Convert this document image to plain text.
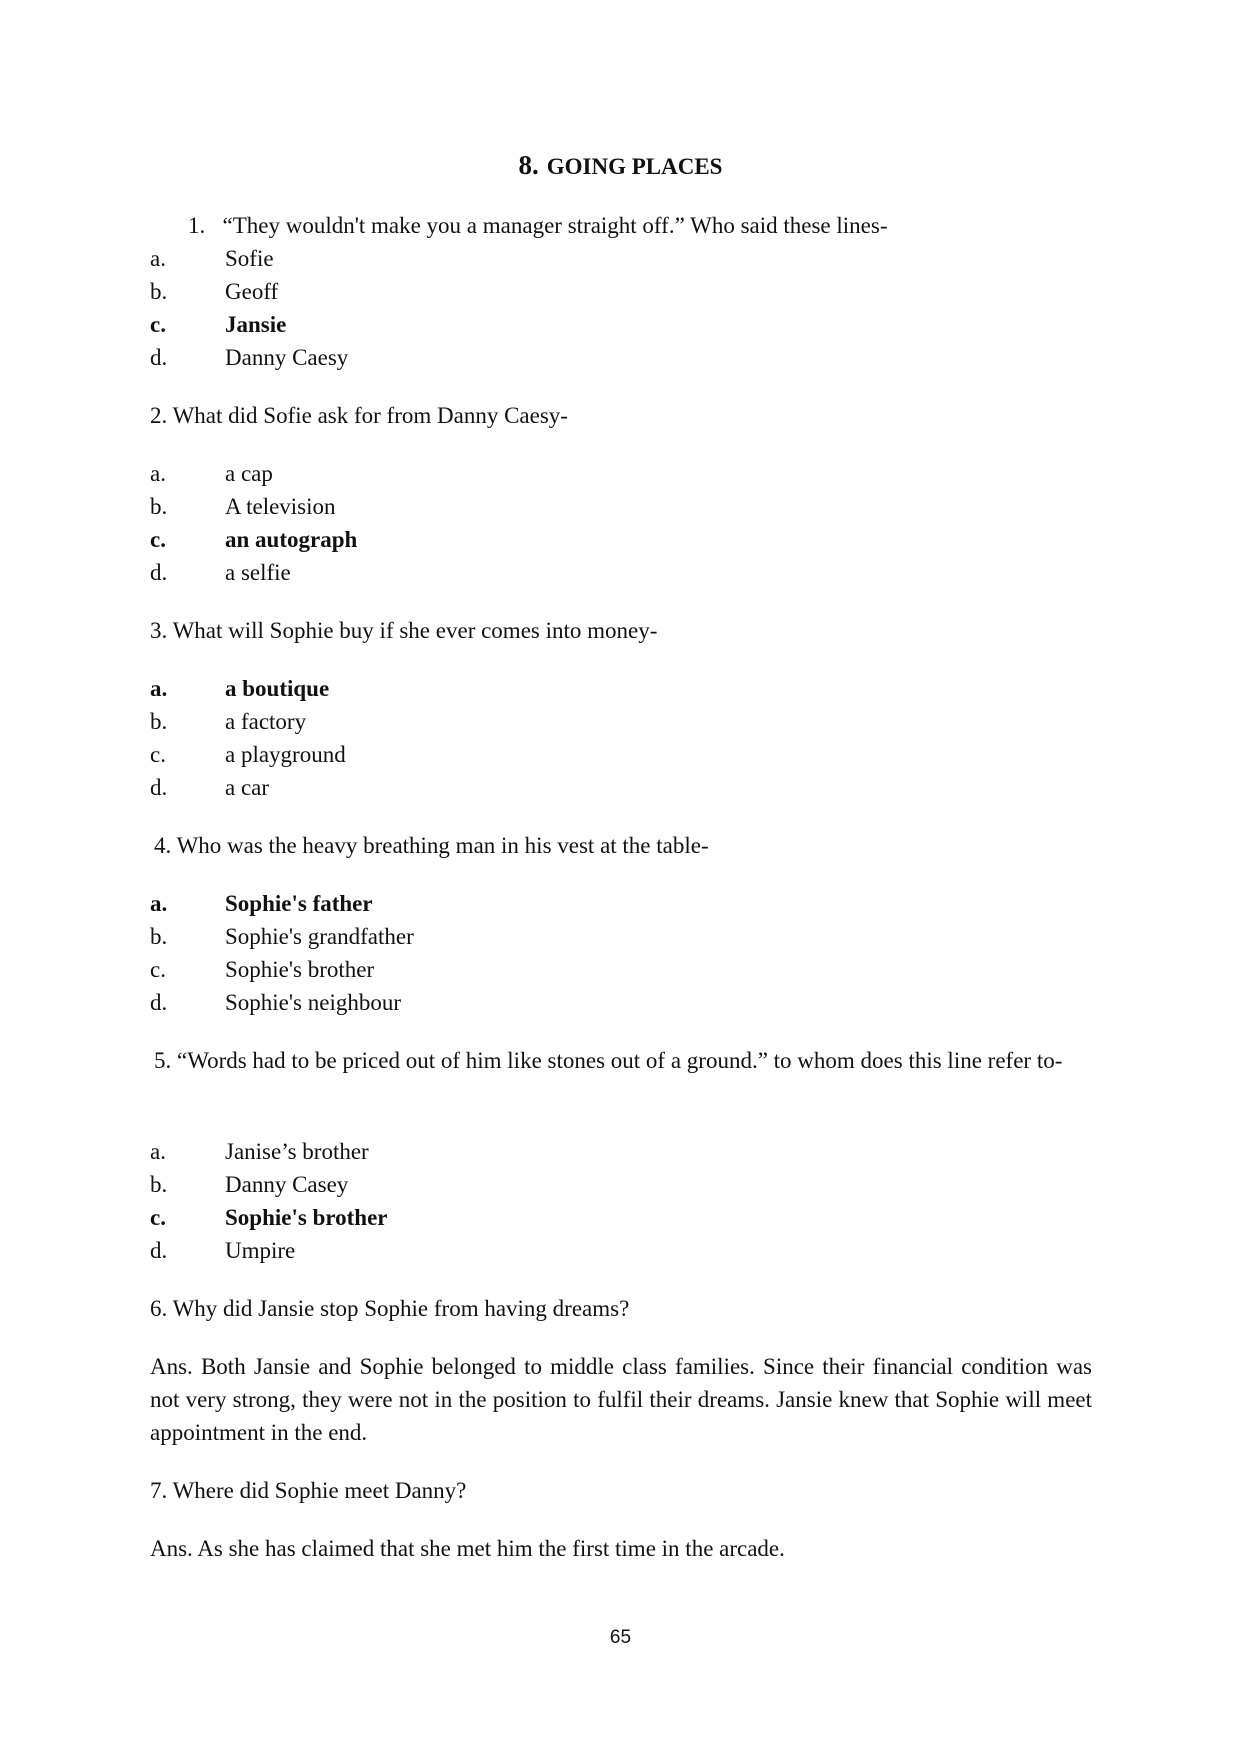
8. GOING PLACES
1.   “They wouldn't make you a manager straight off.” Who said these lines-
a.	Sofie
b.	Geoff
c.	Jansie
d.	Danny Caesy
2. What did Sofie ask for from Danny Caesy-
a.	a cap
b.	A television
c.	an autograph
d.	a selfie
3. What will Sophie buy if she ever comes into money-
a.	a boutique
b.	a factory
c.	a playground
d.	a car
4. Who was the heavy breathing man in his vest at the table-
a.	Sophie's father
b.	Sophie's grandfather
c.	Sophie's brother
d.	Sophie's neighbour
5. “Words had to be priced out of him like stones out of a ground.” to whom does this line refer to-
a.	Janise’s brother
b.	Danny Casey
c.	Sophie's brother
d.	Umpire
6. Why did Jansie stop Sophie from having dreams?
Ans. Both Jansie and Sophie belonged to middle class families. Since their financial condition was not very strong, they were not in the position to fulfil their dreams. Jansie knew that Sophie will meet appointment in the end.
7. Where did Sophie meet Danny?
Ans. As she has claimed that she met him the first time in the arcade.
65
